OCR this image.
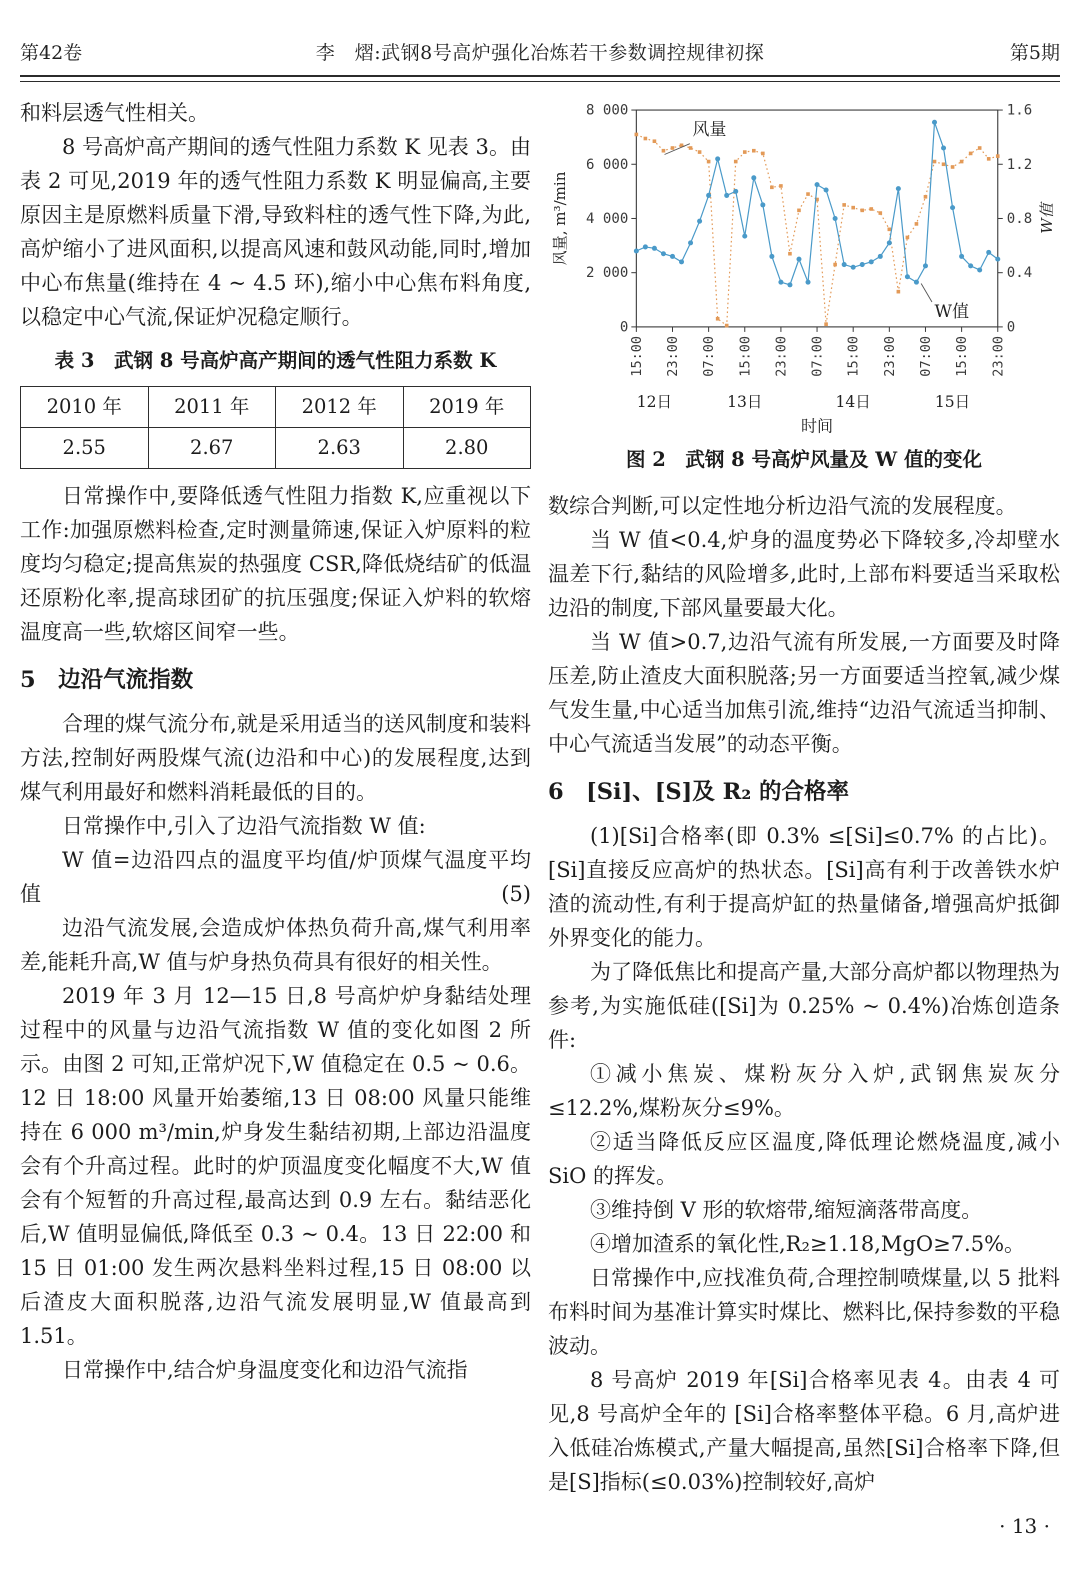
第42卷	李　熠:武钢8号高炉强化冶炼若干参数调控规律初探	第5期

和料层透气性相关。

8 号高炉高产期间的透气性阻力系数 K 见表 3。由表 2 可见,2019 年的透气性阻力系数 K 明显偏高,主要原因主是原燃料质量下滑,导致料柱的透气性下降,为此,高炉缩小了进风面积,以提高风速和鼓风动能,同时,增加中心布焦量(维持在 4 ~ 4.5 环),缩小中心焦布料角度,以稳定中心气流,保证炉况稳定顺行。

表 3　武钢 8 号高炉高产期间的透气性阻力系数 K
2010 年	2011 年	2012 年	2019 年
2.55	2.67	2.63	2.80

日常操作中,要降低透气性阻力指数 K,应重视以下工作:加强原燃料检查,定时测量筛速,保证入炉原料的粒度均匀稳定;提高焦炭的热强度 CSR,降低烧结矿的低温还原粉化率,提高球团矿的抗压强度;保证入炉料的软熔温度高一些,软熔区间窄一些。

5 边沿气流指数

合理的煤气流分布,就是采用适当的送风制度和装料方法,控制好两股煤气流(边沿和中心)的发展程度,达到煤气利用最好和燃料消耗最低的目的。

日常操作中,引入了边沿气流指数 W 值:

W 值=边沿四点的温度平均值/炉顶煤气温度平均值	(5)

边沿气流发展,会造成炉体热负荷升高,煤气利用率差,能耗升高,W 值与炉身热负荷具有很好的相关性。

2019 年 3 月 12—15 日,8 号高炉炉身黏结处理过程中的风量与边沿气流指数 W 值的变化如图 2 所示。由图 2 可知,正常炉况下,W 值稳定在 0.5 ~ 0.6。12 日 18:00 风量开始萎缩,13 日 08:00 风量只能维持在 6 000 m³/min,炉身发生黏结初期,上部边沿温度会有个升高过程。此时的炉顶温度变化幅度不大,W 值会有个短暂的升高过程,最高达到 0.9 左右。黏结恶化后,W 值明显偏低,降低至 0.3 ~ 0.4。13 日 22:00 和 15 日 01:00 发生两次悬料坐料过程,15 日 08:00 以后渣皮大面积脱落,边沿气流发展明显,W 值最高到 1.51。

日常操作中,结合炉身温度变化和边沿气流指

0
2 000
4 000
6 000
8 000
0
0.4
0.8
1.2
1.6
15:00 23:00 07:00 15:00 23:00 07:00 15:00 23:00 07:00 15:00 23:00
12日	13日	14日	15日
时间
风量, m³/min	W值
风量
W值
图 2　武钢 8 号高炉风量及 W 值的变化

数综合判断,可以定性地分析边沿气流的发展程度。

当 W 值<0.4,炉身的温度势必下降较多,冷却壁水温差下行,黏结的风险增多,此时,上部布料要适当采取松边沿的制度,下部风量要最大化。

当 W 值>0.7,边沿气流有所发展,一方面要及时降压差,防止渣皮大面积脱落;另一方面要适当控氧,减少煤气发生量,中心适当加焦引流,维持“边沿气流适当抑制、中心气流适当发展”的动态平衡。

6 [Si]、[S]及 R₂ 的合格率

(1)[Si]合格率(即 0.3% ≤[Si]≤0.7% 的占比)。[Si]直接反应高炉的热状态。[Si]高有利于改善铁水炉渣的流动性,有利于提高炉缸的热量储备,增强高炉抵御外界变化的能力。

为了降低焦比和提高产量,大部分高炉都以物理热为参考,为实施低硅([Si]为 0.25% ~ 0.4%)冶炼创造条件:

①减小焦炭、煤粉灰分入炉,武钢焦炭灰分≤12.2%,煤粉灰分≤9%。

②适当降低反应区温度,降低理论燃烧温度,减小 SiO 的挥发。

③维持倒 V 形的软熔带,缩短滴落带高度。

④增加渣系的氧化性,R₂≥1.18,MgO≥7.5%。

日常操作中,应找准负荷,合理控制喷煤量,以 5 批料布料时间为基准计算实时煤比、燃料比,保持参数的平稳波动。

8 号高炉 2019 年[Si]合格率见表 4。由表 4 可见,8 号高炉全年的 [Si]合格率整体平稳。6 月,高炉进入低硅冶炼模式,产量大幅提高,虽然[Si]合格率下降,但是[S]指标(≤0.03%)控制较好,高炉

· 13 ·
